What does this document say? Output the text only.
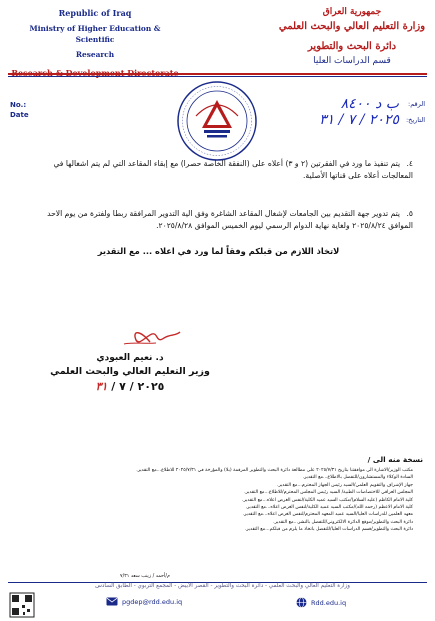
Republic of Iraq
Ministry of Higher Education & Scientific
Research
جمهورية العراق
وزارة التعليم العالي والبحث العلمي
دائرة البحث والتطوير
قسم الدراسات العليا
No.:
Date
الرقم:
ب د ٨٤٠٠
التاريخ:
٢٠٢٥ / ٧ / ٣١
٤. يتم تنفيذ ما ورد في الفقرتين (٢ و ٣) أعلاه على (النفقة الخاصة حصرا) مع إبقاء المقاعد التي لم يتم اشغالها في المعالجات أعلاه على قناتها الأصلية.
٥. يتم تدوير جهة التقديم بين الجامعات لإشغال المقاعد الشاغرة وفق الية التدوير المرافقة ربطا ولفترة من يوم الاحد الموافق ٢٠٢٥/٨/٢٤ ولغاية نهاية الدوام الرسمي ليوم الخميس الموافق ٢٠٢٥/٨/٢٨.
لاتخاذ اللازم من قبلكم وفقاً لما ورد في اعلاه ... مع التقدير
د. نعيم العبودي
وزير التعليم العالي والبحث العلمي
٢٠٢٥ / ٧ / ٣١
نسخة منه الى /
- مكتب الوزير/الاشارة الى موافقتنا بتاريخ ٢٠٢٥/٧/٣١ على مطالعة دائرة البحث والتطوير المرقمة (بلا) والمؤرخة في ٢٠٢٥/٧/٣١ للاطلاع...مع التقدير.
- السادة الوكلاء والمستشارون/للتفضل بالاطلاع...مع التقدير.
- جهاز الإشراف والتقويم العلمي/السيد رئيس الجهاز المحترم...مع التقدير.
- المجلس العراقي للاختصاصات الطبية/ السيد رئيس المجلس المحترم/للاطلاع...مع التقدير.
- كلية الامام الكاظم (عليه السلام)/مكتب السيد عميد الكلية/لنفس الغرض اعلاه...مع التقدير.
- كلية الامام الاعظم (رحمه الله)/مكتب السيد عميد الكلية/لنفس الغرض اعلاه...مع التقدير.
- معهد العلمين للدراسات العليا/السيد عميد المعهد المحترم/لنفس الغرض اعلاه...مع التقدير.
- دائرة البحث والتطوير/موقع الدائرة الالكتروني/للتفضل بالنشر...مع التقدير.
- دائرة البحث والتطوير/قسم الدراسات العليا/للتفضل باتخاذ ما يلزم من قبلكم...مع التقدير.
م/أحمد / زينب سعد ٧/٣١
وزارة التعليم العالي والبحث العلمي - دائرة البحث والتطوير - القصر الابيض - المجمع التربوي - الطابق السادس
pgdep@rdd.edu.iq	Rdd.edu.iq
